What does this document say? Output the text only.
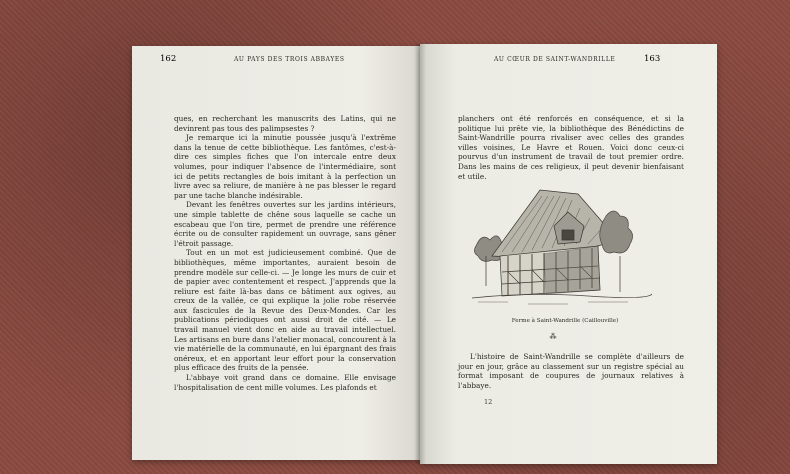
162	AU PAYS DES TROIS ABBAYES

ques, en recherchant les manuscrits des Latins, qui ne devinrent pas tous des palimpsestes ?

Je remarque ici la minutie poussée jusqu'à l'extrême dans la tenue de cette bibliothèque. Les fantômes, c'est-à-dire ces simples fiches que l'on intercale entre deux volumes, pour indiquer l'absence de l'intermédiaire, sont ici de petits rectangles de bois imitant à la perfection un livre avec sa reliure, de manière à ne pas blesser le regard par une tache blanche indésirable.

Devant les fenêtres ouvertes sur les jardins intérieurs, une simple tablette de chêne sous laquelle se cache un escabeau que l'on tire, permet de prendre une référence écrite ou de consulter rapidement un ouvrage, sans gêner l'étroit passage.

Tout en un mot est judicieusement combiné. Que de bibliothèques, même importantes, auraient besoin de prendre modèle sur celle-ci. — Je longe les murs de cuir et de papier avec contentement et respect. J'apprends que la reliure est faite là-bas dans ce bâtiment aux ogives, au creux de la vallée, ce qui explique la jolie robe réservée aux fascicules de la Revue des Deux-Mondes. Car les publications périodiques ont aussi droit de cité. — Le travail manuel vient donc en aide au travail intellectuel. Les artisans en bure dans l'atelier monacal, concourent à la vie matérielle de la communauté, en lui épargnant des frais onéreux, et en apportant leur effort pour la conservation plus efficace des fruits de la pensée.

L'abbaye voit grand dans ce domaine. Elle envisage l'hospitalisation de cent mille volumes. Les plafonds et

AU CŒUR DE SAINT-WANDRILLE	163

planchers ont été renforcés en conséquence, et si la politique lui prête vie, la bibliothèque des Bénédictins de Saint-Wandrille pourra rivaliser avec celles des grandes villes voisines, Le Havre et Rouen. Voici donc ceux-ci pourvus d'un instrument de travail de tout premier ordre. Dans les mains de ces religieux, il peut devenir bienfaisant et utile.

Ferme à Saint-Wandrille (Caillouville)
⁂

L'histoire de Saint-Wandrille se complète d'ailleurs de jour en jour, grâce au classement sur un registre spécial au format imposant de coupures de journaux relatives à l'abbaye.

12
